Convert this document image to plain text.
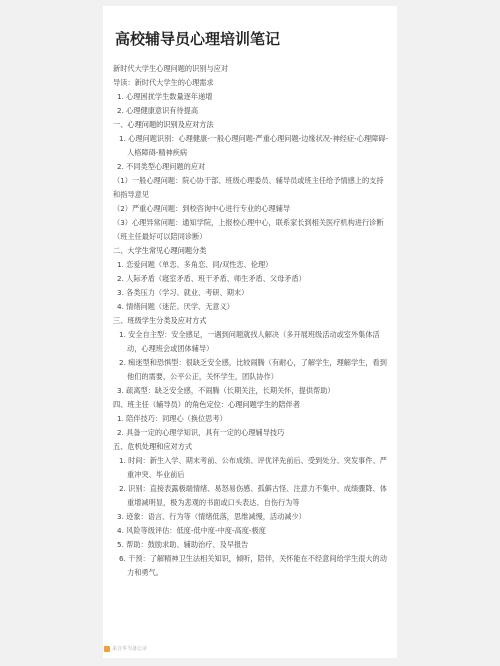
高校辅导员心理培训笔记
新时代大学生心理问题的识别与应对
导读：新时代大学生的心理需求
1. 心理困扰学生数量逐年递增
2. 心理健康意识有待提高
一、心理问题的识别及应对方法
1. 心理问题识别：心理健康-一般心理问题-严重心理问题-边缘状况-神经症-心理障碍-人格障碍-精神疾病
2. 不同类型心理问题的应对
（1）一般心理问题：院心协干部、班级心理委员、辅导员或班主任给予情感上的支持和指导意见
（2）严重心理问题：到校咨询中心进行专业的心理辅导
（3）心理异常问题：通知学院，上报校心理中心，联系家长到相关医疗机构进行诊断（班主任最好可以陪同诊断）
二、大学生常见心理问题分类
1. 恋爱问题（单恋、多角恋、同/双性恋、伦理）
2. 人际矛盾（寝室矛盾、班干矛盾、师生矛盾、父母矛盾）
3. 各类压力（学习、就业、考研、期末）
4. 情绪问题（迷茫、厌学、无意义）
三、班级学生分类及应对方式
1. 安全自主型：安全感足，一遇到问题就找人解决（多开展班级活动或室外集体活动，心理班会或团体辅导）
2. 痴迷型和恐惧型：很缺乏安全感，比较闹腾（有耐心，了解学生，理解学生，看到他们的需要，公平公正，关怀学生，团队协作）
3. 疏离型：缺乏安全感，不闹腾（长期关注，长期关怀，提供帮助）
四、班主任（辅导员）的角色定位：心理问题学生的陪伴者
1. 陪伴技巧：同理心（换位思考）
2. 具备一定的心理学知识，具有一定的心理辅导技巧
五、危机处理和应对方式
1. 时间：新生入学、期末考前、公布成绩、评优评先前后、受到处分、突发事件、严重冲突、毕业前后
2. 识别：直接表露极端情绪、易怒易伤感、孤僻古怪、注意力不集中、成绩骤降、体重增减明显，极为悲观的书面或口头表达、自伤行为等
3. 迹象：语言、行为等（情绪低落，思维减慢，活动减少）
4. 风险等级评估：低度-低中度-中度-高度-极度
5. 帮助：鼓励求助、辅助治疗、及早报告
6. 干预：了解精神卫生法相关知识，倾听，陪伴，关怀能在不经意间给学生很大的动力和勇气。
来自华为备忘录
